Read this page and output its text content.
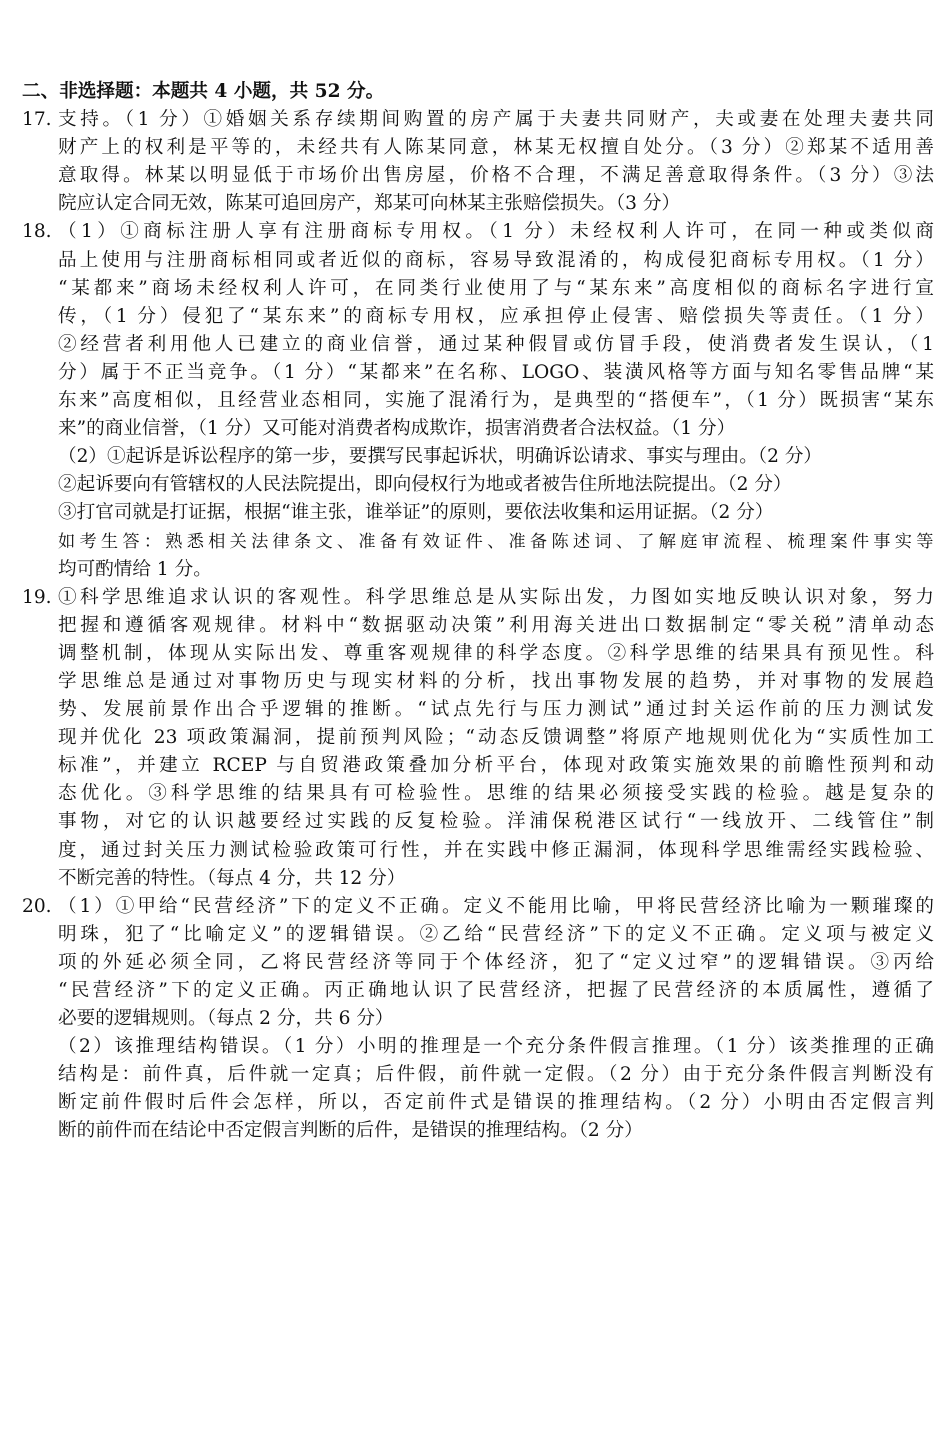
二、非选择题：本题共 4 小题，共 52 分。
17. 支持。（1 分）①婚姻关系存续期间购置的房产属于夫妻共同财产，夫或妻在处理夫妻共同
财产上的权利是平等的，未经共有人陈某同意，林某无权擅自处分。（3 分）②郑某不适用善
意取得。林某以明显低于市场价出售房屋，价格不合理，不满足善意取得条件。（3 分）③法
院应认定合同无效，陈某可追回房产，郑某可向林某主张赔偿损失。（3 分）
18. （1）①商标注册人享有注册商标专用权。（1 分）未经权利人许可，在同一种或类似商
品上使用与注册商标相同或者近似的商标，容易导致混淆的，构成侵犯商标专用权。（1 分）
“某都来”商场未经权利人许可，在同类行业使用了与“某东来”高度相似的商标名字进行宣
传，（1 分）侵犯了“某东来”的商标专用权，应承担停止侵害、赔偿损失等责任。（1 分）
②经营者利用他人已建立的商业信誉，通过某种假冒或仿冒手段，使消费者发生误认，（1
分）属于不正当竞争。（1 分）“某都来”在名称、LOGO、装潢风格等方面与知名零售品牌“某
东来”高度相似，且经营业态相同，实施了混淆行为，是典型的“搭便车”，（1 分）既损害“某东
来”的商业信誉，（1 分）又可能对消费者构成欺诈，损害消费者合法权益。（1 分）
（2）①起诉是诉讼程序的第一步，要撰写民事起诉状，明确诉讼请求、事实与理由。（2 分）
②起诉要向有管辖权的人民法院提出，即向侵权行为地或者被告住所地法院提出。（2 分）
③打官司就是打证据，根据“谁主张，谁举证”的原则，要依法收集和运用证据。（2 分）
如考生答：熟悉相关法律条文、准备有效证件、准备陈述词、了解庭审流程、梳理案件事实等
均可酌情给 1 分。
19. ①科学思维追求认识的客观性。科学思维总是从实际出发，力图如实地反映认识对象，努力
把握和遵循客观规律。材料中“数据驱动决策”利用海关进出口数据制定“零关税”清单动态
调整机制，体现从实际出发、尊重客观规律的科学态度。②科学思维的结果具有预见性。科
学思维总是通过对事物历史与现实材料的分析，找出事物发展的趋势，并对事物的发展趋
势、发展前景作出合乎逻辑的推断。“试点先行与压力测试”通过封关运作前的压力测试发
现并优化 23 项政策漏洞，提前预判风险；“动态反馈调整”将原产地规则优化为“实质性加工
标准”，并建立 RCEP 与自贸港政策叠加分析平台，体现对政策实施效果的前瞻性预判和动
态优化。③科学思维的结果具有可检验性。思维的结果必须接受实践的检验。越是复杂的
事物，对它的认识越要经过实践的反复检验。洋浦保税港区试行“一线放开、二线管住”制
度，通过封关压力测试检验政策可行性，并在实践中修正漏洞，体现科学思维需经实践检验、
不断完善的特性。（每点 4 分，共 12 分）
20. （1）①甲给“民营经济”下的定义不正确。定义不能用比喻，甲将民营经济比喻为一颗璀璨的
明珠，犯了“比喻定义”的逻辑错误。②乙给“民营经济”下的定义不正确。定义项与被定义
项的外延必须全同，乙将民营经济等同于个体经济，犯了“定义过窄”的逻辑错误。③丙给
“民营经济”下的定义正确。丙正确地认识了民营经济，把握了民营经济的本质属性，遵循了
必要的逻辑规则。（每点 2 分，共 6 分）
（2）该推理结构错误。（1 分）小明的推理是一个充分条件假言推理。（1 分）该类推理的正确
结构是：前件真，后件就一定真；后件假，前件就一定假。（2 分）由于充分条件假言判断没有
断定前件假时后件会怎样，所以，否定前件式是错误的推理结构。（2 分）小明由否定假言判
断的前件而在结论中否定假言判断的后件，是错误的推理结构。（2 分）
